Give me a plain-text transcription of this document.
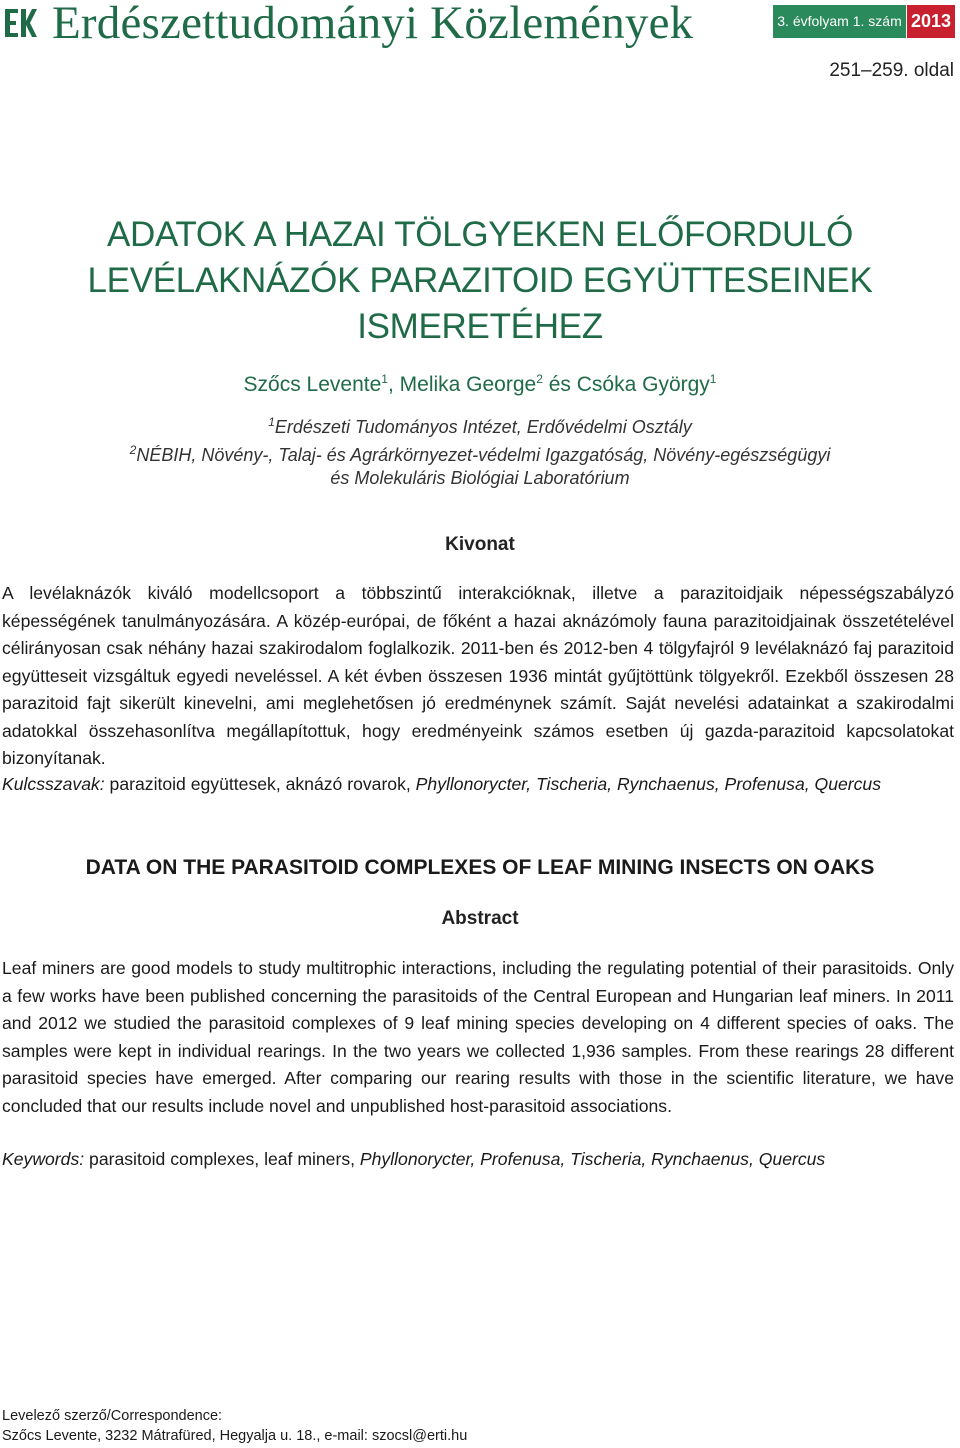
Erdészettudományi Közlemények	3. évfolyam 1. szám 2013
251–259. oldal
ADATOK A HAZAI TÖLGYEKEN ELŐFORDULÓ
LEVÉLAKNÁZÓK PARAZITOID EGYÜTTESEINEK
ISMERETÉHEZ
Szőcs Levente$^1$, Melika George$^2$ és Csóka György$^1$
$^1$Erdészeti Tudományos Intézet, Erdővédelmi Osztály
$^2$NÉBIH, Növény-, Talaj- és Agrárkörnyezet-védelmi Igazgatóság, Növény-egészségügyi
és Molekuláris Biológiai Laboratórium
Kivonat
A levélaknázók kiváló modellcsoport a többszintű interakcióknak, illetve a parazitoidjaik népességszabályzó képességének tanulmányozására. A közép-európai, de főként a hazai aknázómoly fauna parazitoidjainak összetételével célirányosan csak néhány hazai szakirodalom foglalkozik. 2011-ben és 2012-ben 4 tölgyfajról 9 levélaknázó faj parazitoid együtteseit vizsgáltuk egyedi neveléssel. A két évben összesen 1936 mintát gyűjtöttünk tölgyekről. Ezekből összesen 28 parazitoid fajt sikerült kinevelni, ami meglehetősen jó eredménynek számít. Saját nevelési adatainkat a szakirodalmi adatokkal összehasonlítva megállapítottuk, hogy eredményeink számos esetben új gazda-parazitoid kapcsolatokat bizonyítanak.
Kulcsszavak: parazitoid együttesek, aknázó rovarok, Phyllonorycter, Tischeria, Rynchaenus, Profenusa, Quercus
DATA ON THE PARASITOID COMPLEXES OF LEAF MINING INSECTS ON OAKS
Abstract
Leaf miners are good models to study multitrophic interactions, including the regulating potential of their parasitoids. Only a few works have been published concerning the parasitoids of the Central European and Hungarian leaf miners. In 2011 and 2012 we studied the parasitoid complexes of 9 leaf mining species developing on 4 different species of oaks. The samples were kept in individual rearings. In the two years we collected 1,936 samples. From these rearings 28 different parasitoid species have emerged. After comparing our rearing results with those in the scientific literature, we have concluded that our results include novel and unpublished host-parasitoid associations.
Keywords: parasitoid complexes, leaf miners, Phyllonorycter, Profenusa, Tischeria, Rynchaenus, Quercus
Levelező szerző/Correspondence:
Szőcs Levente, 3232 Mátrafüred, Hegyalja u. 18., e-mail: szocsl@erti.hu
